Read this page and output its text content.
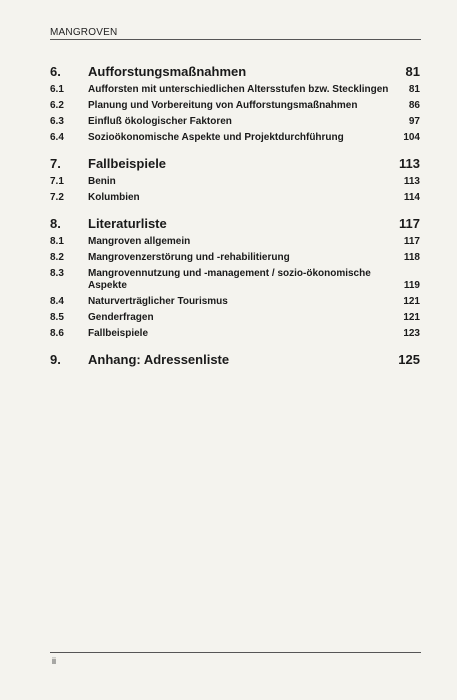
MANGROVEN
6.	Aufforstungsmaßnahmen	81
6.1	Aufforsten mit unterschiedlichen Altersstufen bzw. Stecklingen	81
6.2	Planung und Vorbereitung von Aufforstungsmaßnahmen	86
6.3	Einfluß ökologischer Faktoren	97
6.4	Sozioökonomische Aspekte und Projektdurchführung	104
7.	Fallbeispiele	113
7.1	Benin	113
7.2	Kolumbien	114
8.	Literaturliste	117
8.1	Mangroven allgemein	117
8.2	Mangrovenzerstörung und -rehabilitierung	118
8.3	Mangrovennutzung und -management / sozio-ökonomische Aspekte	119
8.4	Naturverträglicher Tourismus	121
8.5	Genderfragen	121
8.6	Fallbeispiele	123
9.	Anhang: Adressenliste	125
ii
